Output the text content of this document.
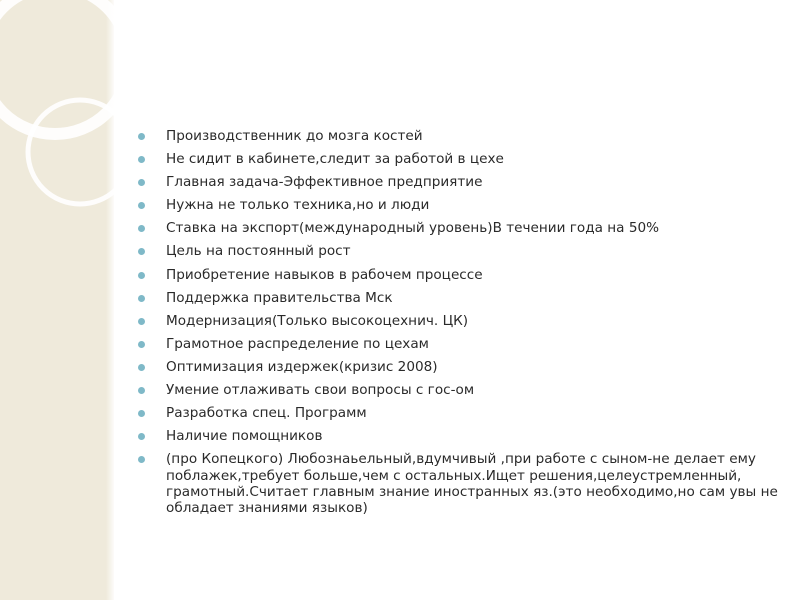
Производственник до мозга костей
Не сидит в кабинете,следит за работой в цехе
Главная задача-Эффективное предприятие
Нужна не только техника,но и люди
Ставка на экспорт(международный уровень)В течении года на 50%
Цель на постоянный рост
Приобретение навыков в рабочем процессе
Поддержка правительства Мск
Модернизация(Только высокоцехнич. ЦК)
Грамотное распределение по цехам
Оптимизация издержек(кризис 2008)
Умение отлаживать свои вопросы с гос-ом
Разработка спец. Программ
Наличие помощников
(про Копецкого) Любознаьельный,вдумчивый ,при работе с сыном-не делает ему поблажек,требует больше,чем с остальных.Ищет решения,целеустремленный, грамотный.Считает главным знание иностранных яз.(это необходимо,но сам увы не обладает знаниями языков)
